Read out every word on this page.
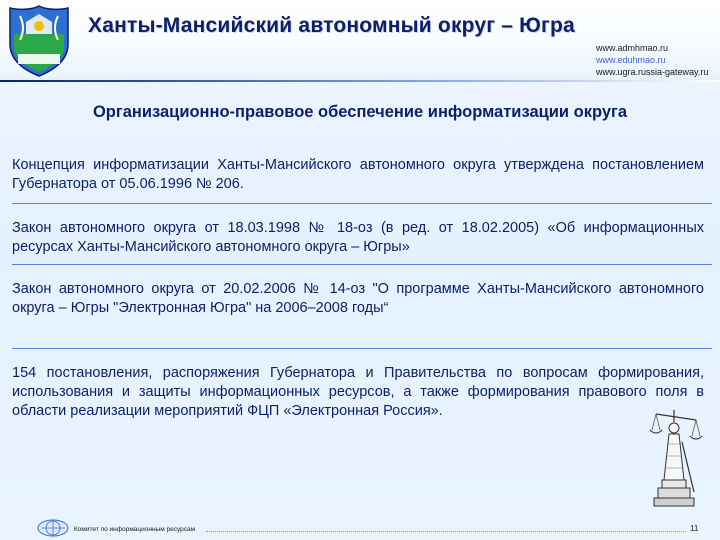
Ханты-Мансийский автономный округ – Югра
www.admhmao.ru
www.eduhmao.ru
www.ugra.russia-gateway.ru
Организационно-правовое обеспечение информатизации округа
Концепция информатизации Ханты-Мансийского автономного округа утверждена постановлением Губернатора от 05.06.1996 № 206.
Закон автономного округа от 18.03.1998 № 18-оз (в ред. от 18.02.2005) «Об информационных ресурсах Ханты-Мансийского автономного округа – Югры»
Закон автономного округа от 20.02.2006 № 14-оз "О программе Ханты-Мансийского автономного округа – Югры "Электронная Югра" на 2006–2008 годы“
154 постановления, распоряжения Губернатора и Правительства по вопросам формирования, использования и защиты информационных ресурсов, а также формирования правового поля в области реализации мероприятий ФЦП «Электронная Россия».
Комитет по информационным ресурсам	11
